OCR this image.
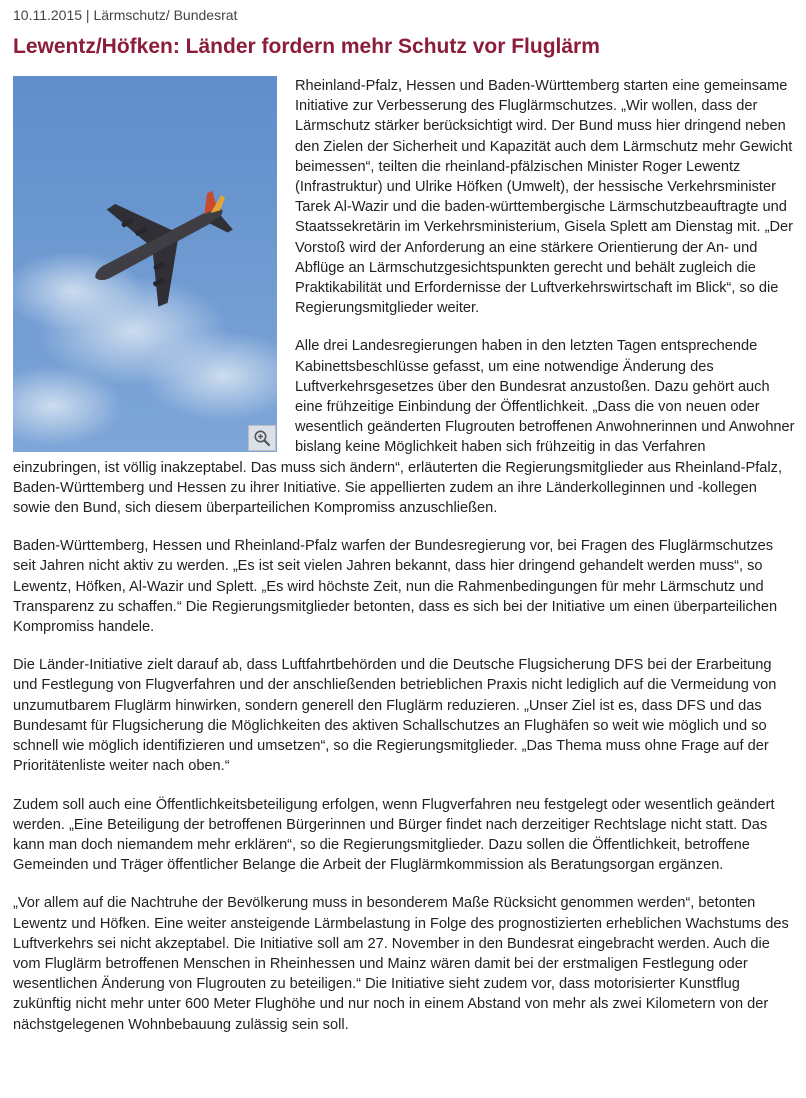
10.11.2015 | Lärmschutz/ Bundesrat
Lewentz/Höfken: Länder fordern mehr Schutz vor Fluglärm

Rheinland-Pfalz, Hessen und Baden-Württemberg starten eine gemeinsame Initiative zur Verbesserung des Fluglärmschutzes. „Wir wollen, dass der Lärmschutz stärker berücksichtigt wird. Der Bund muss hier dringend neben den Zielen der Sicherheit und Kapazität auch dem Lärmschutz mehr Gewicht beimessen“, teilten die rheinland-pfälzischen Minister Roger Lewentz (Infrastruktur) und Ulrike Höfken (Umwelt), der hessische Verkehrsminister Tarek Al-Wazir und die baden-württembergische Lärmschutzbeauftragte und Staatssekretärin im Verkehrsministerium, Gisela Splett am Dienstag mit. „Der Vorstoß wird der Anforderung an eine stärkere Orientierung der An- und Abflüge an Lärmschutzgesichtspunkten gerecht und behält zugleich die Praktikabilität und Erfordernisse der Luftverkehrswirtschaft im Blick“, so die Regierungsmitglieder weiter.

Alle drei Landesregierungen haben in den letzten Tagen entsprechende Kabinettsbeschlüsse gefasst, um eine notwendige Änderung des Luftverkehrsgesetzes über den Bundesrat anzustoßen. Dazu gehört auch eine frühzeitige Einbindung der Öffentlichkeit. „Dass die von neuen oder wesentlich geänderten Flugrouten betroffenen Anwohnerinnen und Anwohner bislang keine Möglichkeit haben sich frühzeitig in das Verfahren einzubringen, ist völlig inakzeptabel. Das muss sich ändern“, erläuterten die Regierungsmitglieder aus Rheinland-Pfalz, Baden-Württemberg und Hessen zu ihrer Initiative. Sie appellierten zudem an ihre Länderkolleginnen und -kollegen sowie den Bund, sich diesem überparteilichen Kompromiss anzuschließen.

Baden-Württemberg, Hessen und Rheinland-Pfalz warfen der Bundesregierung vor, bei Fragen des Fluglärmschutzes seit Jahren nicht aktiv zu werden. „Es ist seit vielen Jahren bekannt, dass hier dringend gehandelt werden muss“, so Lewentz, Höfken, Al-Wazir und Splett. „Es wird höchste Zeit, nun die Rahmenbedingungen für mehr Lärmschutz und Transparenz zu schaffen.“ Die Regierungsmitglieder betonten, dass es sich bei der Initiative um einen überparteilichen Kompromiss handele.

Die Länder-Initiative zielt darauf ab, dass Luftfahrtbehörden und die Deutsche Flugsicherung DFS bei der Erarbeitung und Festlegung von Flugverfahren und der anschließenden betrieblichen Praxis nicht lediglich auf die Vermeidung von unzumutbarem Fluglärm hinwirken, sondern generell den Fluglärm reduzieren. „Unser Ziel ist es, dass DFS und das Bundesamt für Flugsicherung die Möglichkeiten des aktiven Schallschutzes an Flughäfen so weit wie möglich und so schnell wie möglich identifizieren und umsetzen“, so die Regierungsmitglieder. „Das Thema muss ohne Frage auf der Prioritätenliste weiter nach oben.“

Zudem soll auch eine Öffentlichkeitsbeteiligung erfolgen, wenn Flugverfahren neu festgelegt oder wesentlich geändert werden. „Eine Beteiligung der betroffenen Bürgerinnen und Bürger findet nach derzeitiger Rechtslage nicht statt. Das kann man doch niemandem mehr erklären“, so die Regierungsmitglieder. Dazu sollen die Öffentlichkeit, betroffene Gemeinden und Träger öffentlicher Belange die Arbeit der Fluglärmkommission als Beratungsorgan ergänzen.

„Vor allem auf die Nachtruhe der Bevölkerung muss in besonderem Maße Rücksicht genommen werden“, betonten Lewentz und Höfken. Eine weiter ansteigende Lärmbelastung in Folge des prognostizierten erheblichen Wachstums des Luftverkehrs sei nicht akzeptabel. Die Initiative soll am 27. November in den Bundesrat eingebracht werden. Auch die vom Fluglärm betroffenen Menschen in Rheinhessen und Mainz wären damit bei der erstmaligen Festlegung oder wesentlichen Änderung von Flugrouten zu beteiligen.“ Die Initiative sieht zudem vor, dass motorisierter Kunstflug zukünftig nicht mehr unter 600 Meter Flughöhe und nur noch in einem Abstand von mehr als zwei Kilometern von der nächstgelegenen Wohnbebauung zulässig sein soll.
